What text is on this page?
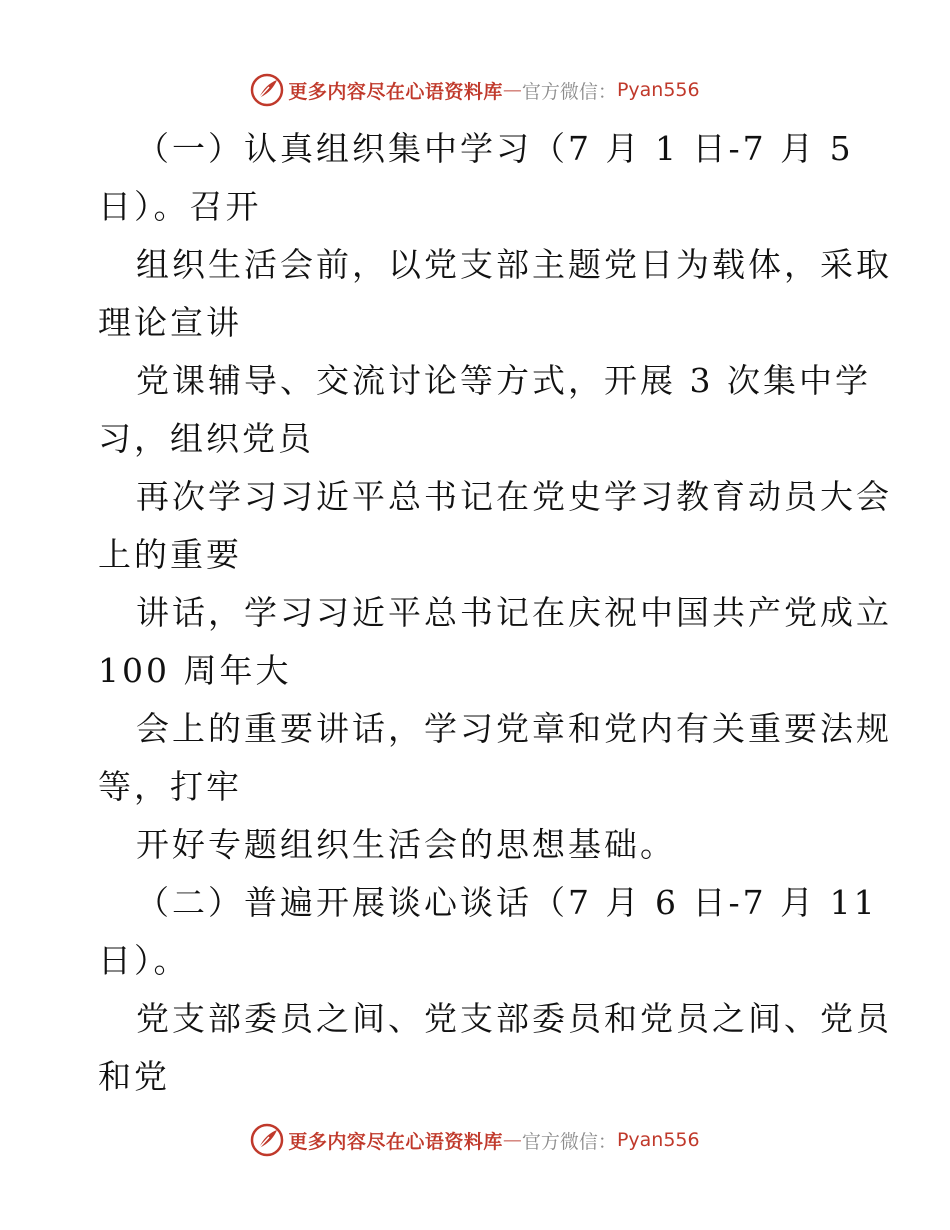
更多内容尽在心语资料库 — 官方微信： Pyan556
（一）认真组织集中学习（7 月 1 日-7 月 5
日）。召开
组织生活会前，以党支部主题党日为载体，采取
理论宣讲
党课辅导、交流讨论等方式，开展 3 次集中学
习，组织党员
再次学习习近平总书记在党史学习教育动员大会
上的重要
讲话，学习习近平总书记在庆祝中国共产党成立
100 周年大
会上的重要讲话，学习党章和党内有关重要法规
等，打牢
开好专题组织生活会的思想基础。
（二）普遍开展谈心谈话（7 月 6 日-7 月 11
日）。
党支部委员之间、党支部委员和党员之间、党员
和党
更多内容尽在心语资料库 — 官方微信： Pyan556
